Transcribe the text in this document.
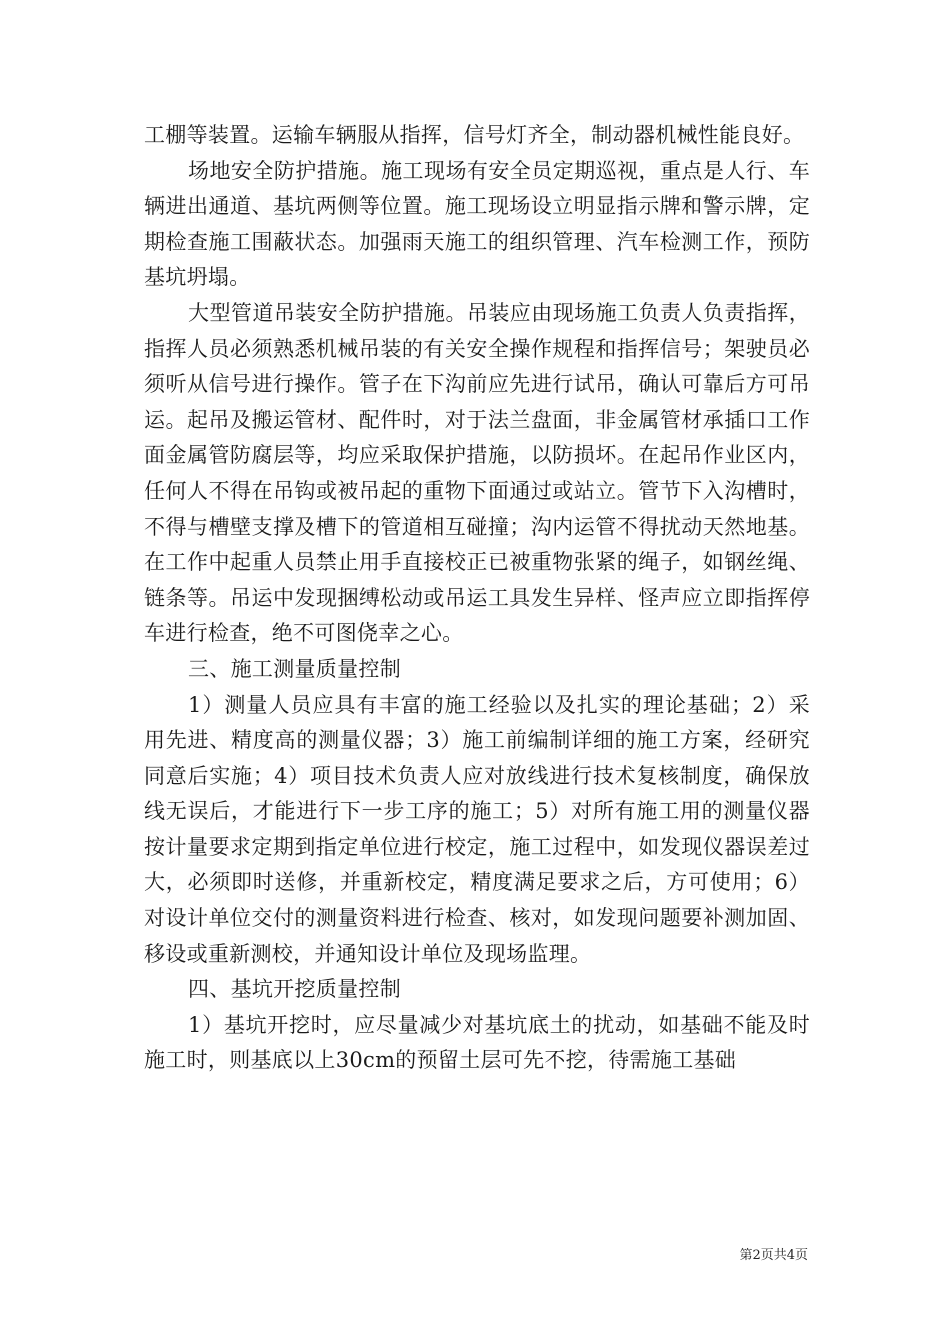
工棚等装置。运输车辆服从指挥，信号灯齐全，制动器机械性能良好。

场地安全防护措施。施工现场有安全员定期巡视，重点是人行、车辆进出通道、基坑两侧等位置。施工现场设立明显指示牌和警示牌，定期检查施工围蔽状态。加强雨天施工的组织管理、汽车检测工作，预防基坑坍塌。

大型管道吊装安全防护措施。吊装应由现场施工负责人负责指挥，指挥人员必须熟悉机械吊装的有关安全操作规程和指挥信号；架驶员必须听从信号进行操作。管子在下沟前应先进行试吊，确认可靠后方可吊运。起吊及搬运管材、配件时，对于法兰盘面，非金属管材承插口工作面金属管防腐层等，均应采取保护措施，以防损坏。在起吊作业区内，任何人不得在吊钩或被吊起的重物下面通过或站立。管节下入沟槽时，不得与槽壁支撑及槽下的管道相互碰撞；沟内运管不得扰动天然地基。在工作中起重人员禁止用手直接校正已被重物张紧的绳子，如钢丝绳、链条等。吊运中发现捆缚松动或吊运工具发生异样、怪声应立即指挥停车进行检查，绝不可图侥幸之心。

三、施工测量质量控制

1）测量人员应具有丰富的施工经验以及扎实的理论基础；2）采用先进、精度高的测量仪器；3）施工前编制详细的施工方案，经研究同意后实施；4）项目技术负责人应对放线进行技术复核制度，确保放线无误后，才能进行下一步工序的施工；5）对所有施工用的测量仪器按计量要求定期到指定单位进行校定，施工过程中，如发现仪器误差过大，必须即时送修，并重新校定，精度满足要求之后，方可使用；6）对设计单位交付的测量资料进行检查、核对，如发现问题要补测加固、移设或重新测校，并通知设计单位及现场监理。

四、基坑开挖质量控制

1）基坑开挖时，应尽量减少对基坑底土的扰动，如基础不能及时施工时，则基底以上30cm的预留土层可先不挖，待需施工基础

第2页共4页
